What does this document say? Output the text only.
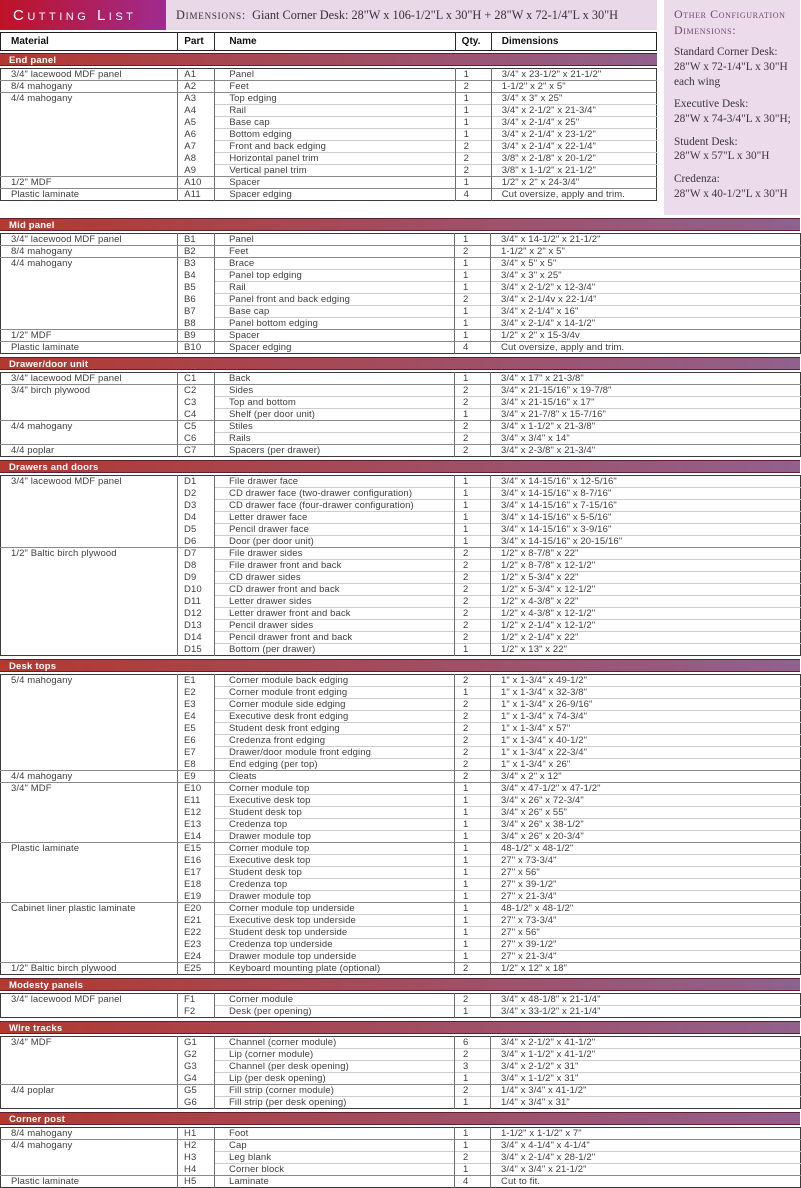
Cutting List	Dimensions: Giant Corner Desk: 28"W x 106-1/2"L x 30"H + 28"W x 72-1/4"L x 30"H
Material	Part	Name	Qty.	Dimensions
End panel
3/4" lacewood MDF panel	A1	Panel	1	3/4" x 23-1/2" x 21-1/2"
8/4 mahogany	A2	Feet	2	1-1/2" x 2" x 5"
4/4 mahogany	A3	Top edging	1	3/4" x 3" x 25"
	A4	Rail	1	3/4" x 2-1/2" x 21-3/4"
	A5	Base cap	1	3/4" x 2-1/4" x 25"
	A6	Bottom edging	1	3/4" x 2-1/4" x 23-1/2"
	A7	Front and back edging	2	3/4" x 2-1/4" x 22-1/4"
	A8	Horizontal panel trim	2	3/8" x 2-1/8" x 20-1/2"
	A9	Vertical panel trim	2	3/8" x 1-1/2" x 21-1/2"
1/2" MDF	A10	Spacer	1	1/2" x 2" x 24-3/4"
Plastic laminate	A11	Spacer edging	4	Cut oversize, apply and trim.
Other Configuration Dimensions:
Standard Corner Desk:
28"W x 72-1/4"L x 30"H each wing
Executive Desk:
28"W x 74-3/4"L x 30"H;
Student Desk:
28"W x 57"L x 30"H
Credenza:
28"W x 40-1/2"L x 30"H
Mid panel
3/4" lacewood MDF panel	B1	Panel	1	3/4" x 14-1/2" x 21-1/2"
8/4 mahogany	B2	Feet	2	1-1/2" x 2" x 5"
4/4 mahogany	B3	Brace	1	3/4" x 5" x 5"
	B4	Panel top edging	1	3/4" x 3" x 25"
	B5	Rail	1	3/4" x 2-1/2" x 12-3/4"
	B6	Panel front and back edging	2	3/4" x 2-1/4v x 22-1/4"
	B7	Base cap	1	3/4" x 2-1/4" x 16"
	B8	Panel bottom edging	1	3/4" x 2-1/4" x 14-1/2"
1/2" MDF	B9	Spacer	1	1/2" x 2" x 15-3/4v
Plastic laminate	B10	Spacer edging	4	Cut oversize, apply and trim.
Drawer/door unit
3/4" lacewood MDF panel	C1	Back	1	3/4" x 17" x 21-3/8"
3/4" birch plywood	C2	Sides	2	3/4" x 21-15/16" x 19-7/8"
	C3	Top and bottom	2	3/4" x 21-15/16" x 17"
	C4	Shelf (per door unit)	1	3/4" x 21-7/8" x 15-7/16"
4/4 mahogany	C5	Stiles	2	3/4" x 1-1/2" x 21-3/8"
	C6	Rails	2	3/4" x 3/4" x 14"
4/4 poplar	C7	Spacers (per drawer)	2	3/4" x 2-3/8" x 21-3/4"
Drawers and doors
3/4" lacewood MDF panel	D1	File drawer face	1	3/4" x 14-15/16" x 12-5/16"
	D2	CD drawer face (two-drawer configuration)	1	3/4" x 14-15/16" x 8-7/16"
	D3	CD drawer face (four-drawer configuration)	1	3/4" x 14-15/16" x 7-15/16"
	D4	Letter drawer face	1	3/4" x 14-15/16" x 5-5/16"
	D5	Pencil drawer face	1	3/4" x 14-15/16" x 3-9/16"
	D6	Door (per door unit)	1	3/4" x 14-15/16" x 20-15/16"
1/2" Baltic birch plywood	D7	File drawer sides	2	1/2" x 8-7/8" x 22"
	D8	File drawer front and back	2	1/2" x 8-7/8" x 12-1/2"
	D9	CD drawer sides	2	1/2" x 5-3/4" x 22"
	D10	CD drawer front and back	2	1/2" x 5-3/4" x 12-1/2"
	D11	Letter drawer sides	2	1/2" x 4-3/8" x 22"
	D12	Letter drawer front and back	2	1/2" x 4-3/8" x 12-1/2"
	D13	Pencil drawer sides	2	1/2" x 2-1/4" x 12-1/2"
	D14	Pencil drawer front and back	2	1/2" x 2-1/4" x 22"
	D15	Bottom (per drawer)	1	1/2" x 13" x 22"
Desk tops
5/4 mahogany	E1	Corner module back edging	2	1" x 1-3/4" x 49-1/2"
	E2	Corner module front edging	1	1" x 1-3/4" x 32-3/8"
	E3	Corner module side edging	2	1" x 1-3/4" x 26-9/16"
	E4	Executive desk front edging	2	1" x 1-3/4" x 74-3/4"
	E5	Student desk front edging	2	1" x 1-3/4" x 57"
	E6	Credenza front edging	2	1" x 1-3/4" x 40-1/2"
	E7	Drawer/door module front edging	2	1" x 1-3/4" x 22-3/4"
	E8	End edging (per top)	2	1" x 1-3/4" x 26"
4/4 mahogany	E9	Cleats	2	3/4" x 2" x 12"
3/4" MDF	E10	Corner module top	1	3/4" x 47-1/2" x 47-1/2"
	E11	Executive desk top	1	3/4" x 26" x 72-3/4"
	E12	Student desk top	1	3/4" x 26" x 55"
	E13	Credenza top	1	3/4" x 26" x 38-1/2"
	E14	Drawer module top	1	3/4" x 26" x 20-3/4"
Plastic laminate	E15	Corner module top	1	48-1/2" x 48-1/2"
	E16	Executive desk top	1	27" x 73-3/4"
	E17	Student desk top	1	27" x 56"
	E18	Credenza top	1	27" x 39-1/2"
	E19	Drawer module top	1	27" x 21-3/4"
Cabinet liner plastic laminate	E20	Corner module top underside	1	48-1/2" x 48-1/2"
	E21	Executive desk top underside	1	27" x 73-3/4"
	E22	Student desk top underside	1	27" x 56"
	E23	Credenza top underside	1	27" x 39-1/2"
	E24	Drawer module top underside	1	27" x 21-3/4"
1/2" Baltic birch plywood	E25	Keyboard mounting plate (optional)	2	1/2" x 12" x 18"
Modesty panels
3/4" lacewood MDF panel	F1	Corner module	2	3/4" x 48-1/8" x 21-1/4"
	F2	Desk (per opening)	1	3/4" x 33-1/2" x 21-1/4"
Wire tracks
3/4" MDF	G1	Channel (corner module)	6	3/4" x 2-1/2" x 41-1/2"
	G2	Lip (corner module)	2	3/4" x 1-1/2" x 41-1/2"
	G3	Channel (per desk opening)	3	3/4" x 2-1/2" x 31"
	G4	Lip (per desk opening)	1	3/4" x 1-1/2" x 31"
4/4 poplar	G5	Fill strip (corner module)	2	1/4" x 3/4" x 41-1/2"
	G6	Fill strip (per desk opening)	1	1/4" x 3/4" x 31"
Corner post
8/4 mahogany	H1	Foot	1	1-1/2" x 1-1/2" x 7"
4/4 mahogany	H2	Cap	1	3/4" x 4-1/4" x 4-1/4"
	H3	Leg blank	2	3/4" x 2-1/4" x 28-1/2"
	H4	Corner block	1	3/4" x 3/4" x 21-1/2"
Plastic laminate	H5	Laminate	4	Cut to fit.
